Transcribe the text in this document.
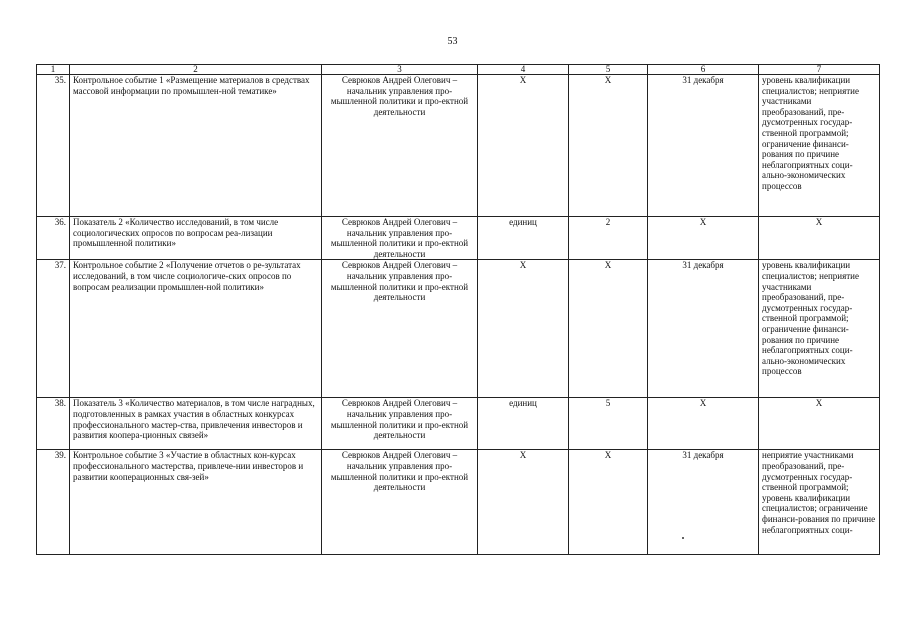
53
1	2	3	4	5	6	7
35.	Контрольное событие 1 «Размещение материалов в средствах массовой информации по промышлен-ной тематике»	Севрюков Андрей Олегович – начальник управления про-мышленной политики и про-ектной деятельности	X	X	31 декабря	уровень квалификации специалистов; неприятие участниками преобразований, пре-дусмотренных государ-ственной программой; ограничение финанси-рования по причине неблагоприятных соци-ально-экономических процессов
36.	Показатель 2 «Количество исследований, в том числе социологических опросов по вопросам реа-лизации промышленной политики»	Севрюков Андрей Олегович – начальник управления про-мышленной политики и про-ектной деятельности	единиц	2	X	X
37.	Контрольное событие 2 «Получение отчетов о ре-зультатах исследований, в том числе социологиче-ских опросов по вопросам реализации промышлен-ной политики»	Севрюков Андрей Олегович – начальник управления про-мышленной политики и про-ектной деятельности	X	X	31 декабря	уровень квалификации специалистов; неприятие участниками преобразований, пре-дусмотренных государ-ственной программой; ограничение финанси-рования по причине неблагоприятных соци-ально-экономических процессов
38.	Показатель 3 «Количество материалов, в том числе наградных, подготовленных в рамках участия в областных конкурсах профессионального мастер-ства, привлечения инвесторов и развития коопера-ционных связей»	Севрюков Андрей Олегович – начальник управления про-мышленной политики и про-ектной деятельности	единиц	5	X	X
39.	Контрольное событие 3 «Участие в областных кон-курсах профессионального мастерства, привлече-нии инвесторов и развитии кооперационных свя-зей»	Севрюков Андрей Олегович – начальник управления про-мышленной политики и про-ектной деятельности	X	X	31 декабря	неприятие участниками преобразований, пре-дусмотренных государ-ственной программой; уровень квалификации специалистов; ограничение финанси-рования по причине неблагоприятных соци-
